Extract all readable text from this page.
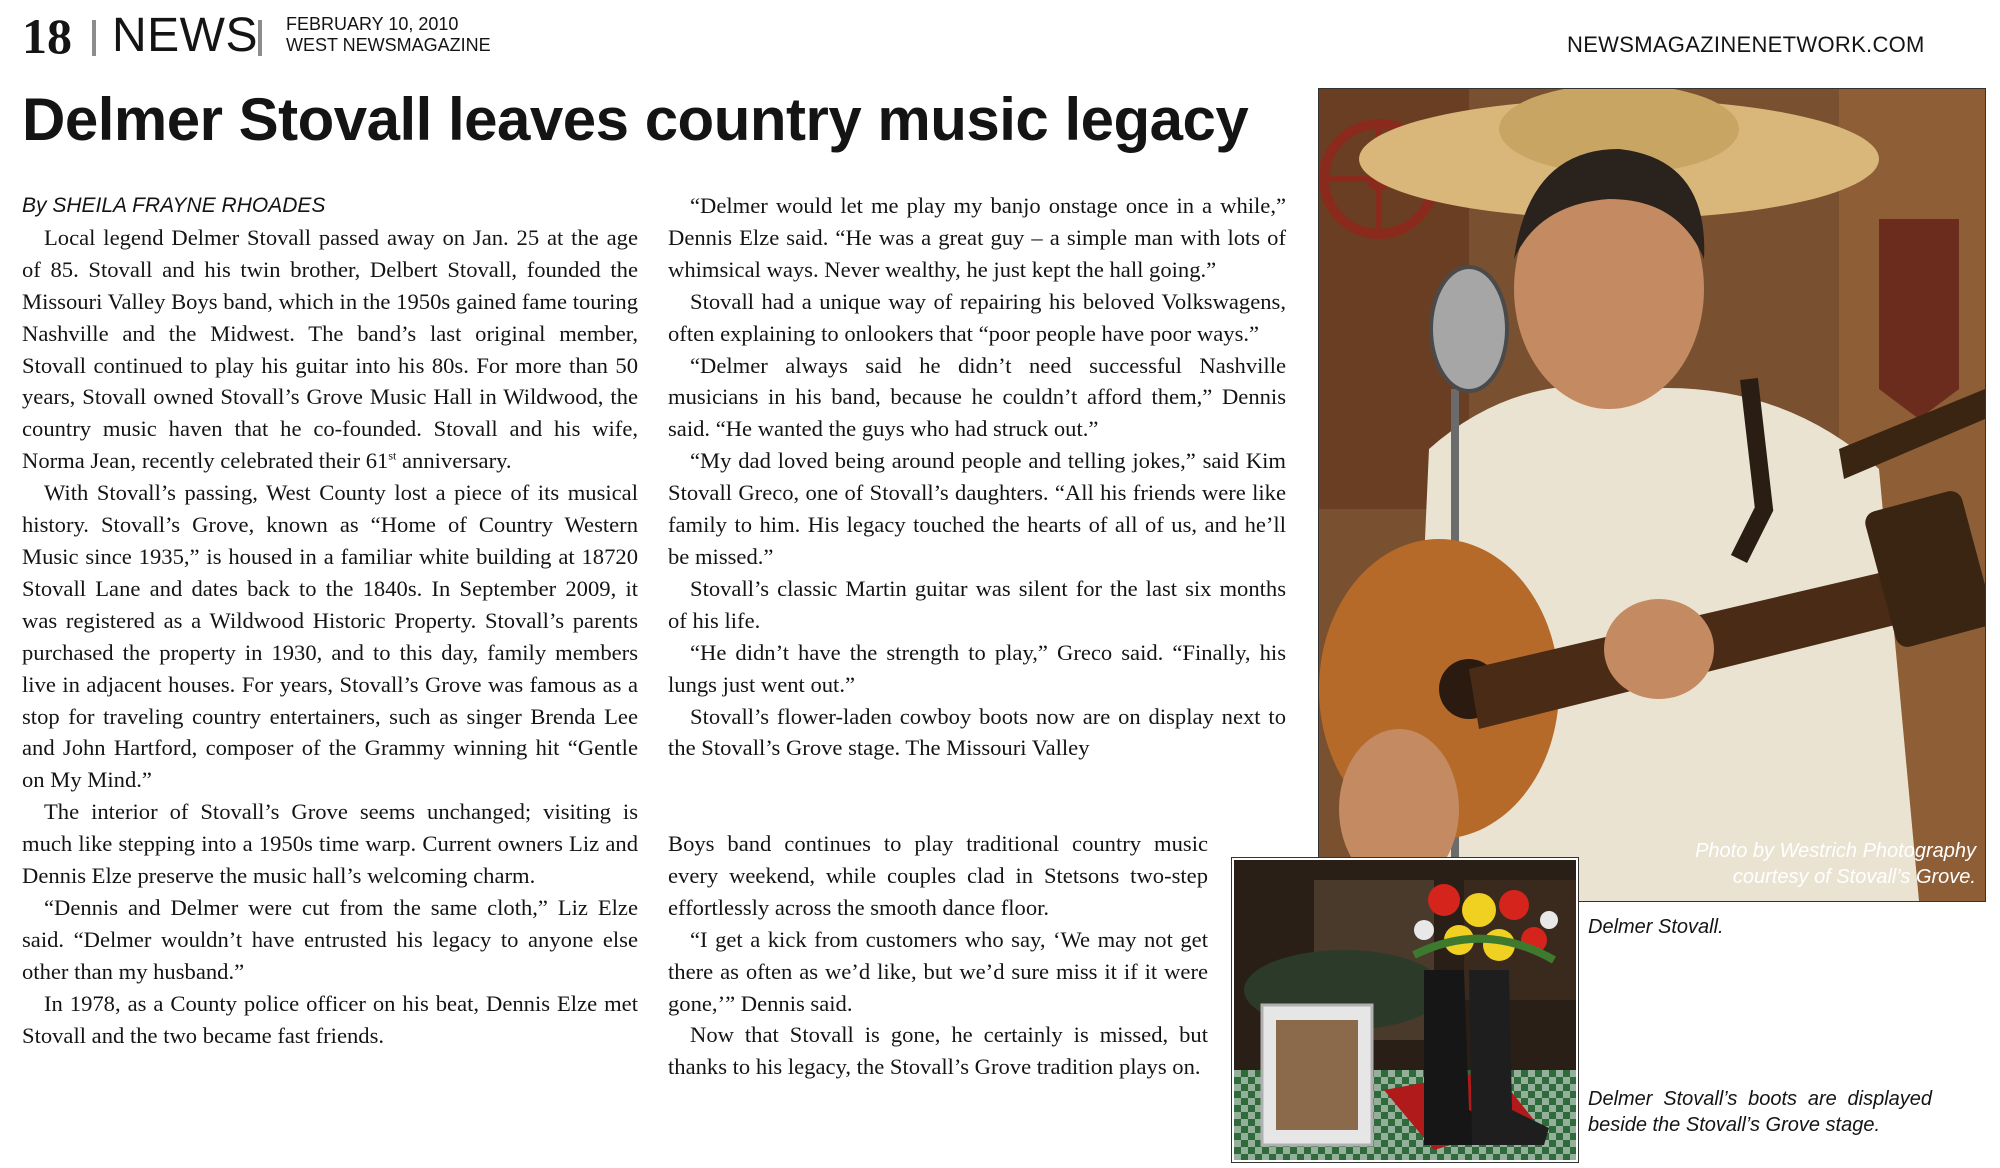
18 NEWS FEBRUARY 10, 2010
WEST NEWSMAGAZINE	NEWSMAGAZINENETWORK.COM
Delmer Stovall leaves country music legacy

By SHEILA FRAYNE RHOADES

Local legend Delmer Stovall passed away on Jan. 25 at the age of 85. Stovall and his twin brother, Delbert Stovall, founded the Missouri Valley Boys band, which in the 1950s gained fame touring Nashville and the Midwest. The band’s last original member, Stovall continued to play his guitar into his 80s. For more than 50 years, Stovall owned Stovall’s Grove Music Hall in Wildwood, the country music haven that he co-founded. Stovall and his wife, Norma Jean, recently celebrated their 61st anniversary.

With Stovall’s passing, West County lost a piece of its musical history. Stovall’s Grove, known as “Home of Country Western Music since 1935,” is housed in a familiar white building at 18720 Stovall Lane and dates back to the 1840s. In September 2009, it was registered as a Wildwood Historic Property. Stovall’s parents purchased the property in 1930, and to this day, family members live in adjacent houses. For years, Stovall’s Grove was famous as a stop for traveling country entertainers, such as singer Brenda Lee and John Hartford, composer of the Grammy winning hit “Gentle on My Mind.”

The interior of Stovall’s Grove seems unchanged; visiting is much like stepping into a 1950s time warp. Current owners Liz and Dennis Elze preserve the music hall’s welcoming charm.

“Dennis and Delmer were cut from the same cloth,” Liz Elze said. “Delmer wouldn’t have entrusted his legacy to anyone else other than my husband.”

In 1978, as a County police officer on his beat, Dennis Elze met Stovall and the two became fast friends.

“Delmer would let me play my banjo onstage once in a while,” Dennis Elze said. “He was a great guy – a simple man with lots of whimsical ways. Never wealthy, he just kept the hall going.”

Stovall had a unique way of repairing his beloved Volkswagens, often explaining to onlookers that “poor people have poor ways.”

“Delmer always said he didn’t need successful Nashville musicians in his band, because he couldn’t afford them,” Dennis said. “He wanted the guys who had struck out.”

“My dad loved being around people and telling jokes,” said Kim Stovall Greco, one of Stovall’s daughters. “All his friends were like family to him. His legacy touched the hearts of all of us, and he’ll be missed.”

Stovall’s classic Martin guitar was silent for the last six months of his life.

“He didn’t have the strength to play,” Greco said. “Finally, his lungs just went out.”

Stovall’s flower-laden cowboy boots now are on display next to the Stovall’s Grove stage. The Missouri Valley

Boys band continues to play traditional country music every weekend, while couples clad in Stetsons two-step effortlessly across the smooth dance floor.

“I get a kick from customers who say, ‘We may not get there as often as we’d like, but we’d sure miss it if it were gone,’” Dennis said.

Now that Stovall is gone, he certainly is missed, but thanks to his legacy, the Stovall’s Grove tradition plays on.

Photo by Westrich Photography
courtesy of Stovall’s Grove.
Delmer Stovall.
Delmer Stovall’s boots are displayed beside the Stovall’s Grove stage.
